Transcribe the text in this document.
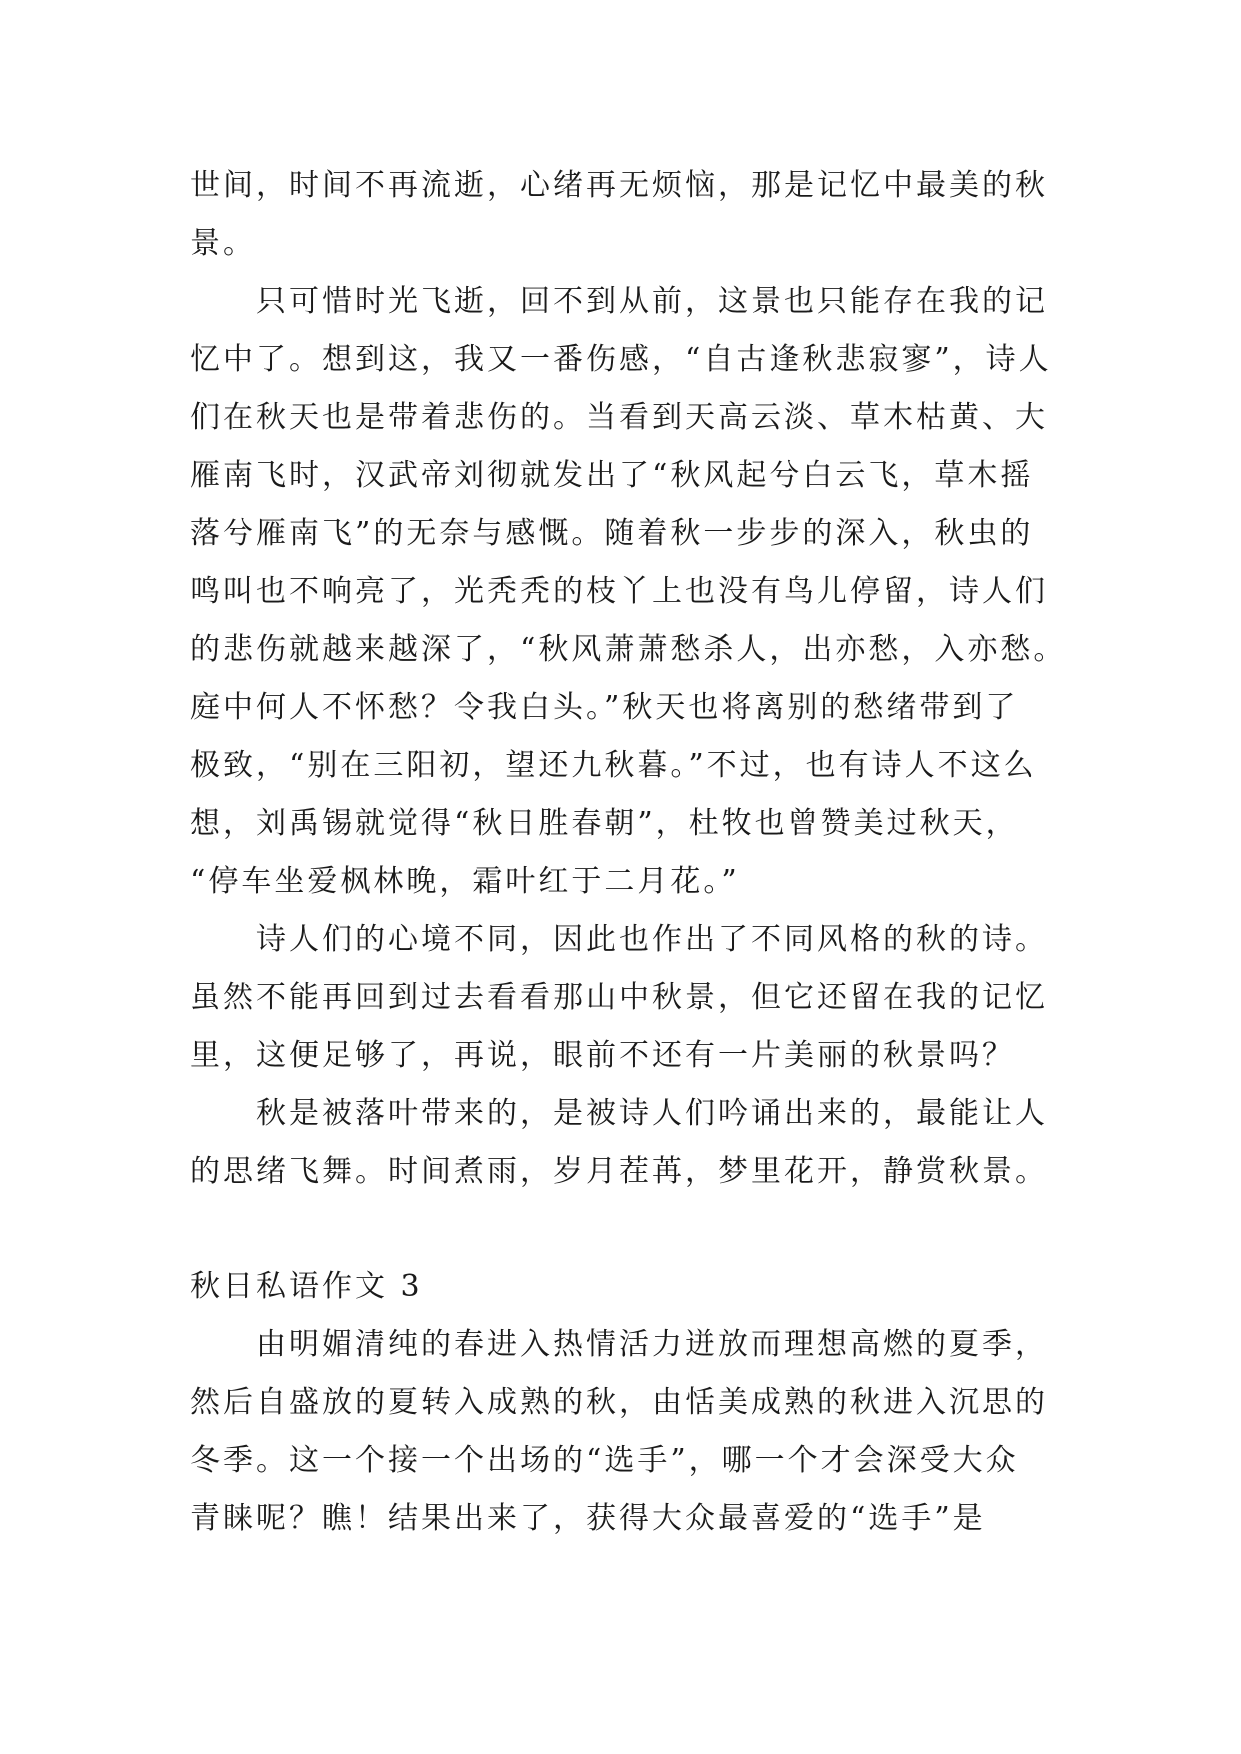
世间，时间不再流逝，心绪再无烦恼，那是记忆中最美的秋
景。
只可惜时光飞逝，回不到从前，这景也只能存在我的记
忆中了。想到这，我又一番伤感，“自古逢秋悲寂寥”，诗人
们在秋天也是带着悲伤的。当看到天高云淡、草木枯黄、大
雁南飞时，汉武帝刘彻就发出了“秋风起兮白云飞，草木摇
落兮雁南飞”的无奈与感慨。随着秋一步步的深入，秋虫的
鸣叫也不响亮了，光秃秃的枝丫上也没有鸟儿停留，诗人们
的悲伤就越来越深了，“秋风萧萧愁杀人，出亦愁，入亦愁。
庭中何人不怀愁？令我白头。”秋天也将离别的愁绪带到了
极致，“别在三阳初，望还九秋暮。”不过，也有诗人不这么
想，刘禹锡就觉得“秋日胜春朝”，杜牧也曾赞美过秋天，
“停车坐爱枫林晚，霜叶红于二月花。”
诗人们的心境不同，因此也作出了不同风格的秋的诗。
虽然不能再回到过去看看那山中秋景，但它还留在我的记忆
里，这便足够了，再说，眼前不还有一片美丽的秋景吗？
秋是被落叶带来的，是被诗人们吟诵出来的，最能让人
的思绪飞舞。时间煮雨，岁月茬苒，梦里花开，静赏秋景。
秋日私语作文 3
由明媚清纯的春进入热情活力迸放而理想高燃的夏季，
然后自盛放的夏转入成熟的秋，由恬美成熟的秋进入沉思的
冬季。这一个接一个出场的“选手”，哪一个才会深受大众
青睐呢？瞧！结果出来了，获得大众最喜爱的“选手”是
